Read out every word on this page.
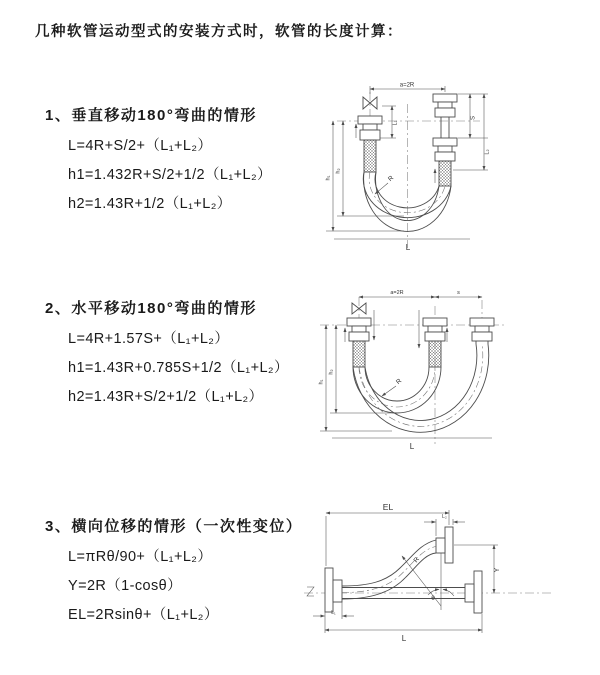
几种软管运动型式的安装方式时，软管的长度计算：
1、垂直移动180°弯曲的情形
L=4R+S/2+（L₁+L₂）
h1=1.432R+S/2+1/2（L₁+L₂）
h2=1.43R+1/2（L₁+L₂）
2、水平移动180°弯曲的情形
L=4R+1.57S+（L₁+L₂）
h1=1.43R+0.785S+1/2（L₁+L₂）
h2=1.43R+S/2+1/2（L₁+L₂）
3、横向位移的情形（一次性变位）
L=πRθ/90+（L₁+L₂）
Y=2R（1-cosθ）
EL=2Rsinθ+（L₁+L₂）
a=2R
S
L₂
L₁
h₂
h₁
L
R
a=2R	s
h₂
h₁
L
R
θ
R
EL
L₂
Y
L₁
L
